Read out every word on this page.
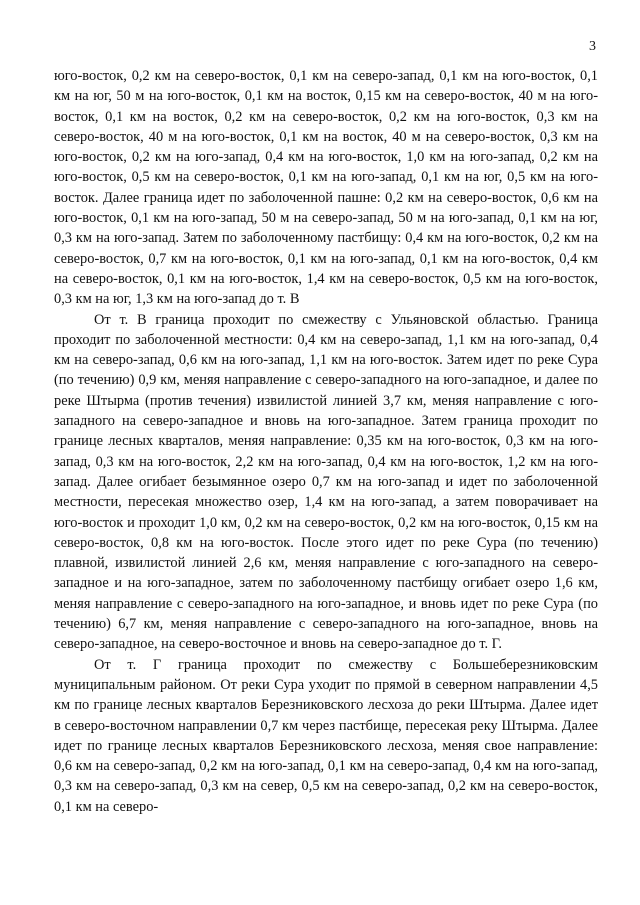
3

юго-восток, 0,2 км на северо-восток, 0,1 км на северо-запад, 0,1 км на юго-восток, 0,1 км на юг, 50 м на юго-восток, 0,1 км на восток, 0,15 км на северо-восток, 40 м на юго-восток, 0,1 км на восток, 0,2 км на северо-восток, 0,2 км на юго-восток, 0,3 км на северо-восток, 40 м на юго-восток, 0,1 км на восток, 40 м на северо-восток, 0,3 км на юго-восток, 0,2 км на юго-запад, 0,4 км на юго-восток, 1,0 км на юго-запад, 0,2 км на юго-восток, 0,5 км на северо-восток, 0,1 км на юго-запад, 0,1 км на юг, 0,5 км на юго-восток. Далее граница идет по заболоченной пашне: 0,2 км на северо-восток, 0,6 км на юго-восток, 0,1 км на юго-запад, 50 м на северо-запад, 50 м на юго-запад, 0,1 км на юг, 0,3 км на юго-запад. Затем по заболоченному пастбищу: 0,4 км на юго-восток, 0,2 км на северо-восток, 0,7 км на юго-восток, 0,1 км на юго-запад, 0,1 км на юго-восток, 0,4 км на северо-восток, 0,1 км на юго-восток, 1,4 км на северо-восток, 0,5 км на юго-восток, 0,3 км на юг, 1,3 км на юго-запад до т. В

От т. В граница проходит по смежеству с Ульяновской областью. Граница проходит по заболоченной местности: 0,4 км на северо-запад, 1,1 км на юго-запад, 0,4 км на северо-запад, 0,6 км на юго-запад, 1,1 км на юго-восток. Затем идет по реке Сура (по течению) 0,9 км, меняя направление с северо-западного на юго-западное, и далее по реке Штырма (против течения) извилистой линией 3,7 км, меняя направление с юго-западного на северо-западное и вновь на юго-западное. Затем граница проходит по границе лесных кварталов, меняя направление: 0,35 км на юго-восток, 0,3 км на юго-запад, 0,3 км на юго-восток, 2,2 км на юго-запад, 0,4 км на юго-восток, 1,2 км на юго-запад. Далее огибает безымянное озеро 0,7 км на юго-запад и идет по заболоченной местности, пересекая множество озер, 1,4 км на юго-запад, а затем поворачивает на юго-восток и проходит 1,0 км, 0,2 км на северо-восток, 0,2 км на юго-восток, 0,15 км на северо-восток, 0,8 км на юго-восток. После этого идет по реке Сура (по течению) плавной, извилистой линией 2,6 км, меняя направление с юго-западного на северо-западное и на юго-западное, затем по заболоченному пастбищу огибает озеро 1,6 км, меняя направление с северо-западного на юго-западное, и вновь идет по реке Сура (по течению) 6,7 км, меняя направление с северо-западного на юго-западное, вновь на северо-западное, на северо-восточное и вновь на северо-западное до т. Г.

От т. Г граница проходит по смежеству с Большеберезниковским муниципальным районом. От реки Сура уходит по прямой в северном направлении 4,5 км по границе лесных кварталов Березниковского лесхоза до реки Штырма. Далее идет в северо-восточном направлении 0,7 км через пастбище, пересекая реку Штырма. Далее идет по границе лесных кварталов Березниковского лесхоза, меняя свое направление: 0,6 км на северо-запад, 0,2 км на юго-запад, 0,1 км на северо-запад, 0,4 км на юго-запад, 0,3 км на северо-запад, 0,3 км на север, 0,5 км на северо-запад, 0,2 км на северо-восток, 0,1 км на северо-
